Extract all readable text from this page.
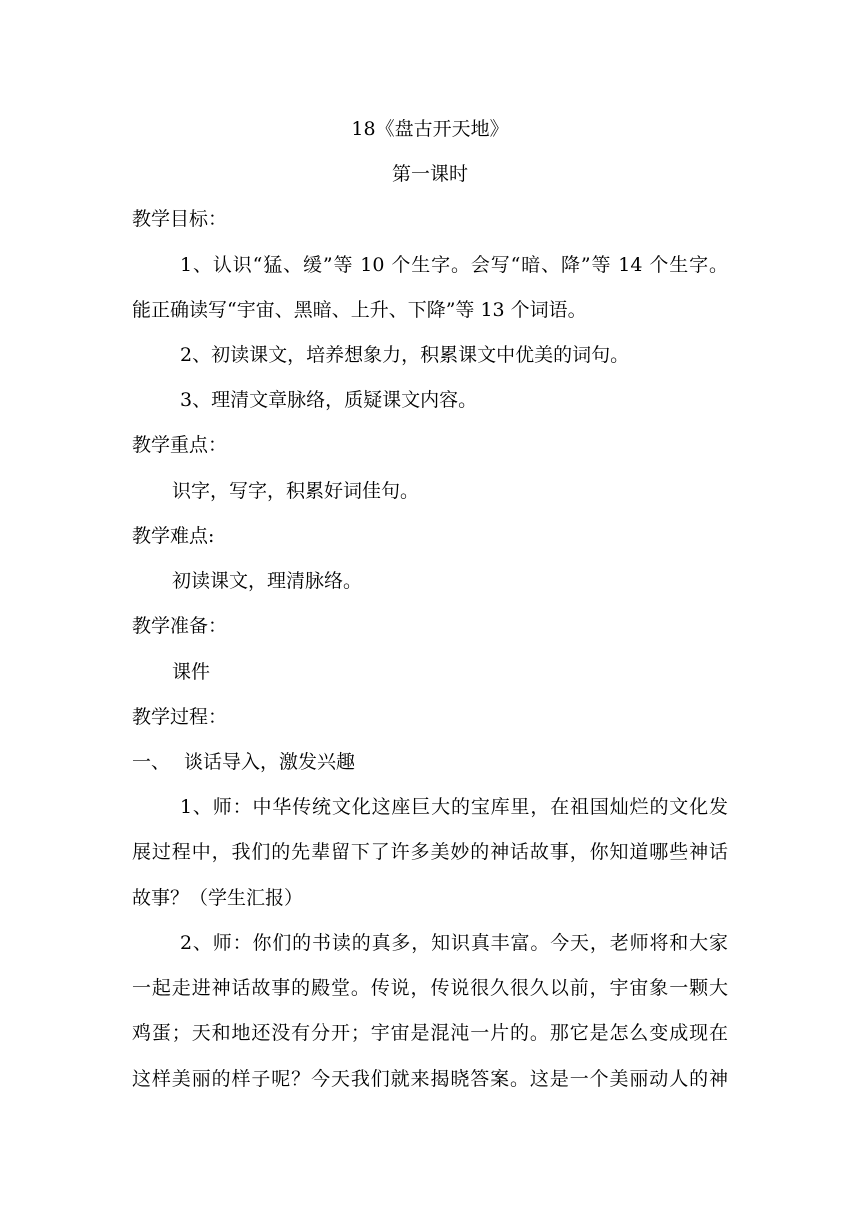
18《盘古开天地》
第一课时
教学目标：
1、认识“猛、缓”等 10 个生字。会写“暗、降”等 14 个生字。
能正确读写“宇宙、黑暗、上升、下降”等 13 个词语。
2、初读课文，培养想象力，积累课文中优美的词句。
3、理清文章脉络，质疑课文内容。
教学重点：
识字，写字，积累好词佳句。
教学难点:
初读课文，理清脉络。
教学准备：
课件
教学过程：
一、 谈话导入，激发兴趣
1、师：中华传统文化这座巨大的宝库里，在祖国灿烂的文化发
展过程中，我们的先辈留下了许多美妙的神话故事，你知道哪些神话
故事？（学生汇报）
2、师：你们的书读的真多，知识真丰富。今天，老师将和大家
一起走进神话故事的殿堂。传说，传说很久很久以前，宇宙象一颗大
鸡蛋；天和地还没有分开；宇宙是混沌一片的。那它是怎么变成现在
这样美丽的样子呢？今天我们就来揭晓答案。这是一个美丽动人的神
